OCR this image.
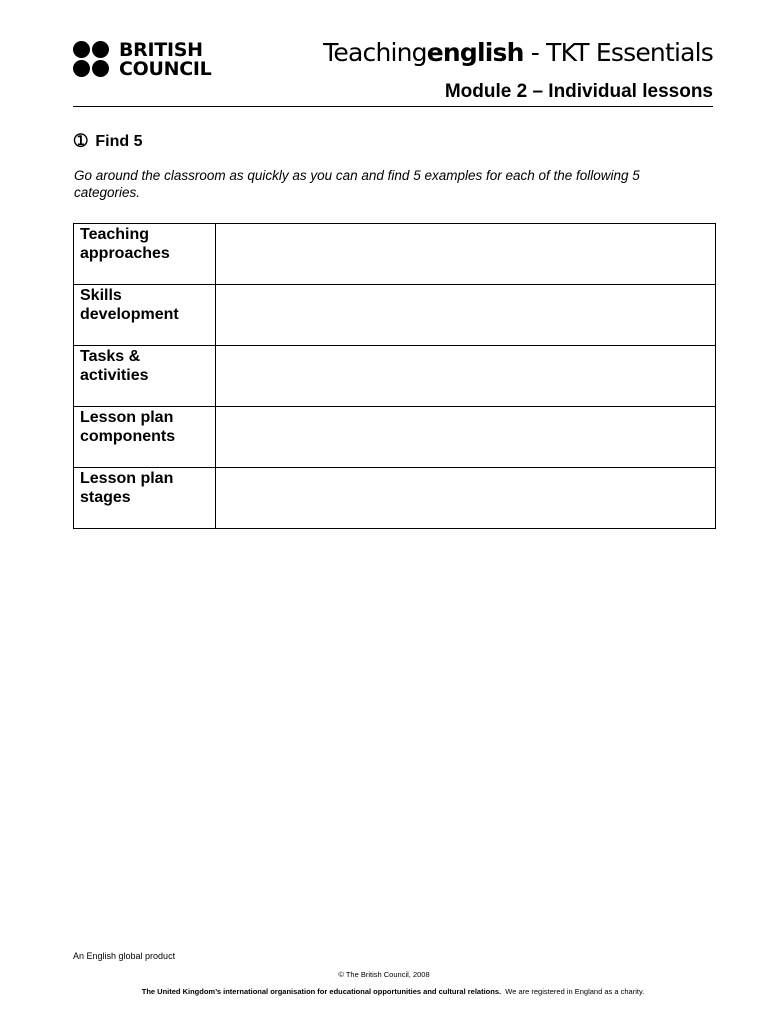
BRITISH
COUNCIL
Teachingenglish - TKT Essentials
Module 2 – Individual lessons
➀ Find 5
Go around the classroom as quickly as you can and find 5 examples for each of the following 5 categories.
Teaching approaches	
Skills development	
Tasks & activities	
Lesson plan components	
Lesson plan stages	
An English global product
© The British Council, 2008
The United Kingdom’s international organisation for educational opportunities and cultural relations. We are registered in England as a charity.
